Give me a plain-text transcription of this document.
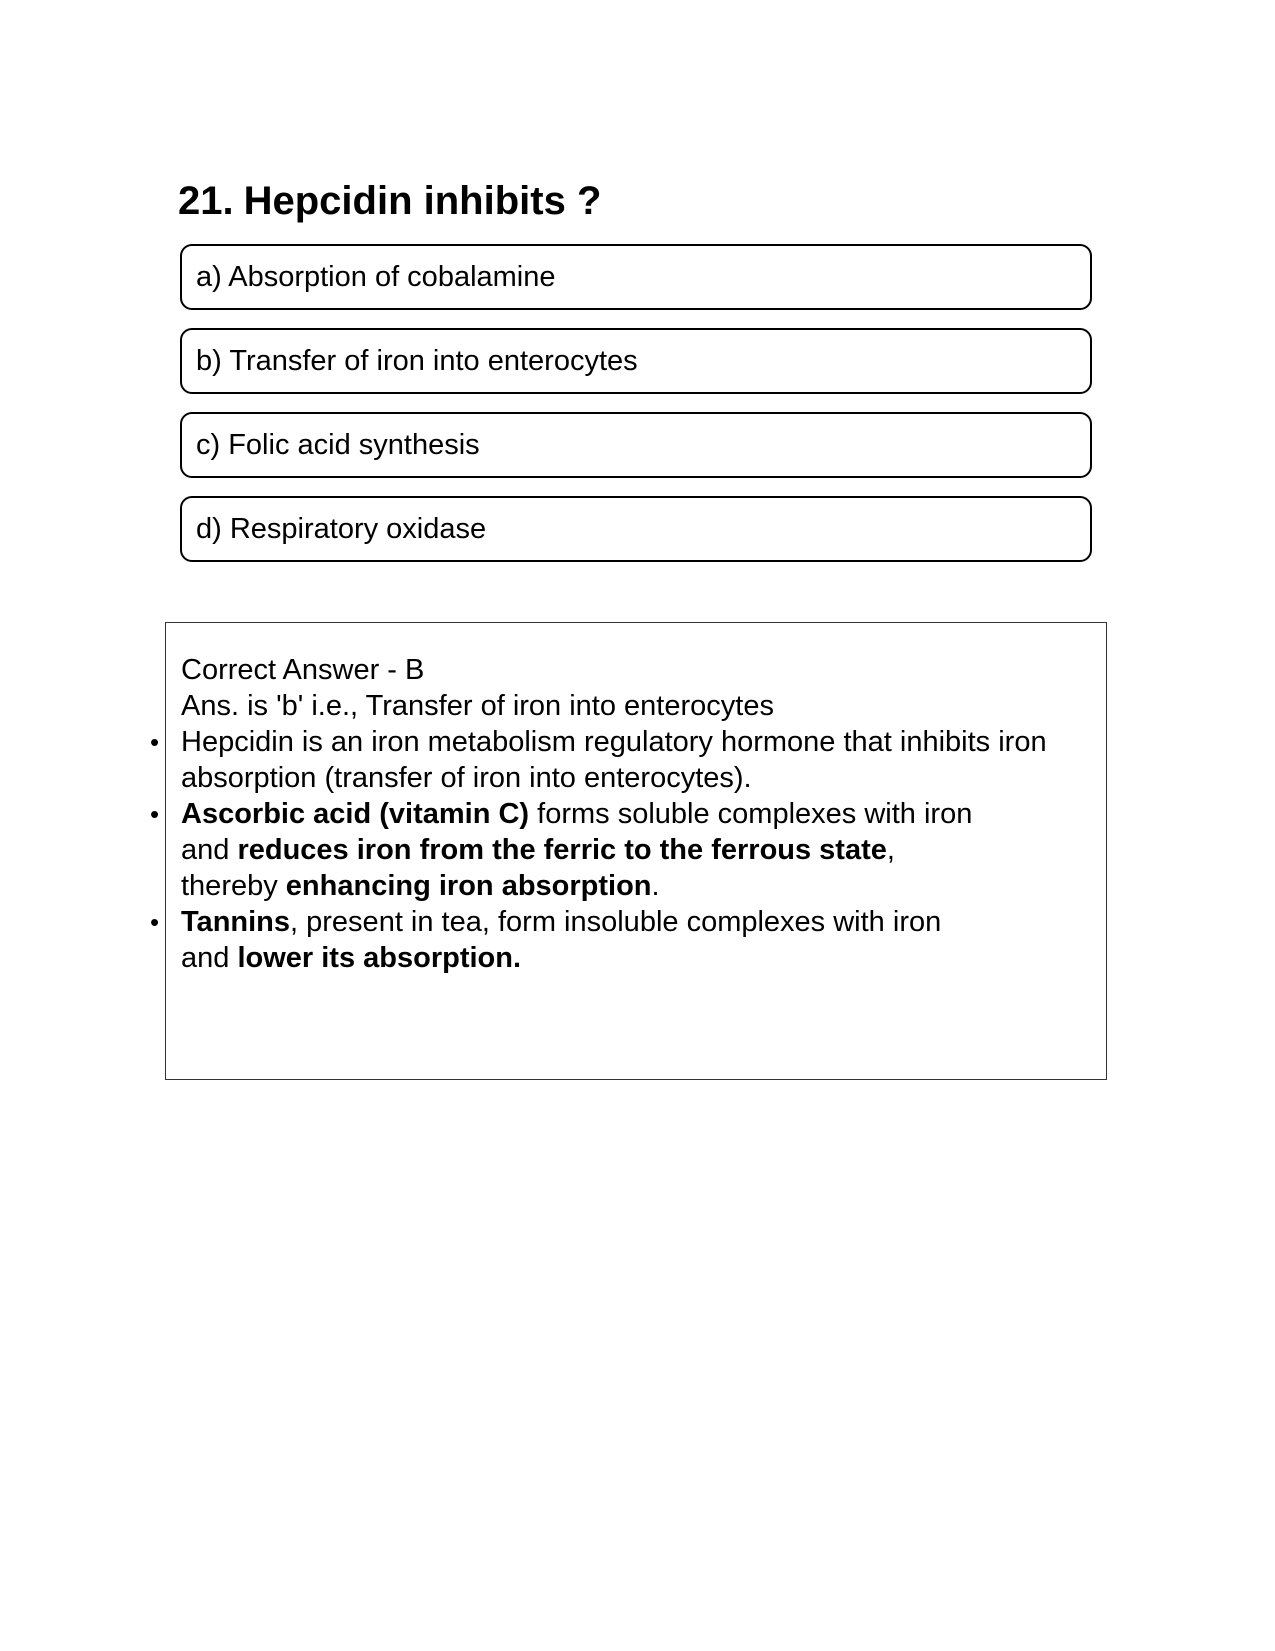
21. Hepcidin inhibits ?
a) Absorption of cobalamine
b) Transfer of iron into enterocytes
c) Folic acid synthesis
d) Respiratory oxidase
Correct Answer - B
Ans. is 'b' i.e., Transfer of iron into enterocytes
• Hepcidin is an iron metabolism regulatory hormone that inhibits iron
absorption (transfer of iron into enterocytes).
• Ascorbic acid (vitamin C) forms soluble complexes with iron
and reduces iron from the ferric to the ferrous state,
thereby enhancing iron absorption.
• Tannins, present in tea, form insoluble complexes with iron
and lower its absorption.
